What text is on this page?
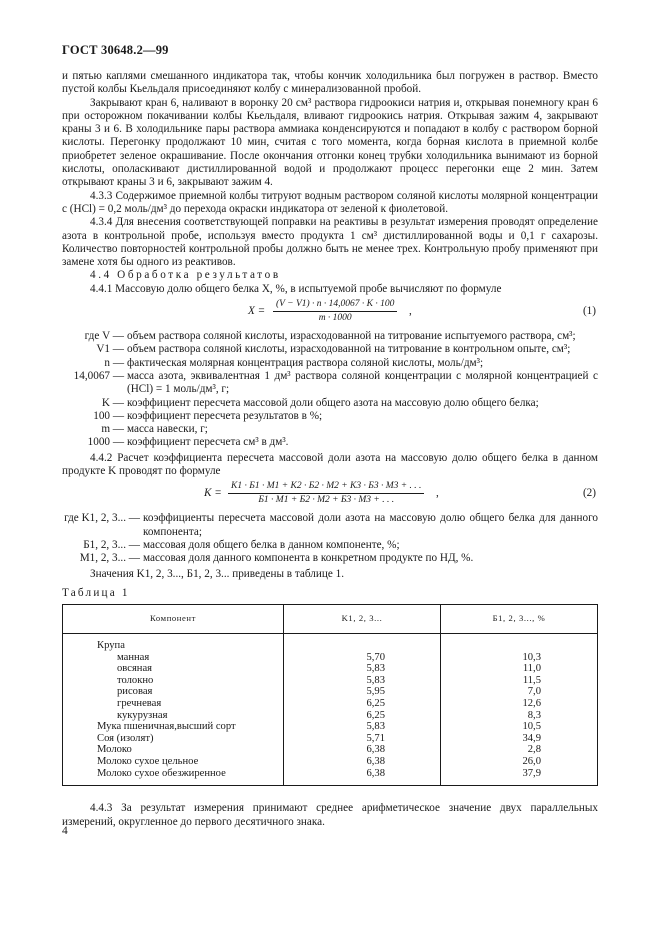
ГОСТ 30648.2—99

и пятью каплями смешанного индикатора так, чтобы кончик холодильника был погружен в раствор. Вместо пустой колбы Кьельдаля присоединяют колбу с минерализованной пробой.

Закрывают кран 6, наливают в воронку 20 см³ раствора гидроокиси натрия и, открывая понемногу кран 6 при осторожном покачивании колбы Кьельдаля, вливают гидроокись натрия. Открывая зажим 4, закрывают краны 3 и 6. В холодильнике пары раствора аммиака конденсируются и попадают в колбу с раствором борной кислоты. Перегонку продолжают 10 мин, считая с того момента, когда борная кислота в приемной колбе приобретет зеленое окрашивание. После окончания отгонки конец трубки холодильника вынимают из борной кислоты, ополаскивают дистиллированной водой и продолжают процесс перегонки еще 2 мин. Затем открывают краны 3 и 6, закрывают зажим 4.

4.3.3 Содержимое приемной колбы титруют водным раствором соляной кислоты молярной концентрации c (HCl) = 0,2 моль/дм³ до перехода окраски индикатора от зеленой к фиолетовой.

4.3.4 Для внесения соответствующей поправки на реактивы в результат измерения проводят определение азота в контрольной пробе, используя вместо продукта 1 см³ дистиллированной воды и 0,1 г сахарозы. Количество повторностей контрольной пробы должно быть не менее трех. Контрольную пробу применяют при замене хотя бы одного из реактивов.

4.4 Обработка результатов

4.4.1 Массовую долю общего белка X, %, в испытуемой пробе вычисляют по формуле

$X = \frac{(V - V1) \cdot n \cdot 14,0067 \cdot K \cdot 100}{m \cdot 1000}$ ,	(1)
где V — объем раствора соляной кислоты, израсходованной на титрование испытуемого раствора, см³;
V1 — объем раствора соляной кислоты, израсходованной на титрование в контрольном опыте, см³;
n — фактическая молярная концентрация раствора соляной кислоты, моль/дм³;
14,0067 — масса азота, эквивалентная 1 дм³ раствора соляной концентрации с молярной концентрацией c (HCl) = 1 моль/дм³, г;
K — коэффициент пересчета массовой доли общего азота на массовую долю общего белка;
100 — коэффициент пересчета результатов в %;
m — масса навески, г;
1000 — коэффициент пересчета см³ в дм³.

4.4.2 Расчет коэффициента пересчета массовой доли азота на массовую долю общего белка в данном продукте K проводят по формуле

K =
K1 · Б1 · M1 + K2 · Б2 · M2 + K3 · Б3 · M3 + . . .
Б1 · M1 + Б2 · M2 + Б3 · M3 + . . .
,	(2)
где K1, 2, 3... — коэффициенты пересчета массовой доли азота на массовую долю общего белка для данного компонента;
Б1, 2, 3... — массовая доля общего белка в данном компоненте, %;
M1, 2, 3... — массовая доля данного компонента в конкретном продукте по НД, %.

Значения K1, 2, 3..., Б1, 2, 3... приведены в таблице 1.

Таблица 1
Компонент	K1, 2, 3...	Б1, 2, 3..., %
Крупа		
манная	5,70	10,3
овсяная	5,83	11,0
толокно	5,83	11,5
рисовая	5,95	7,0
гречневая	6,25	12,6
кукурузная	6,25	8,3
Мука пшеничная,высший сорт	5,83	10,5
Соя (изолят)	5,71	34,9
Молоко	6,38	2,8
Молоко сухое цельное	6,38	26,0
Молоко сухое обезжиренное	6,38	37,9

4.4.3 За результат измерения принимают среднее арифметическое значение двух параллельных измерений, округленное до первого десятичного знака.

4
